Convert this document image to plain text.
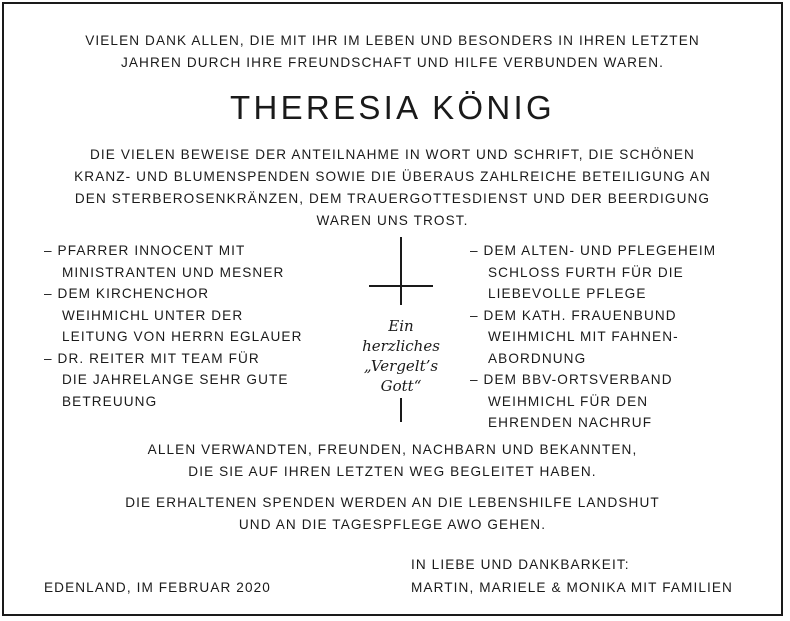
VIELEN DANK ALLEN, DIE MIT IHR IM LEBEN UND BESONDERS IN IHREN LETZTEN
JAHREN DURCH IHRE FREUNDSCHAFT UND HILFE VERBUNDEN WAREN.
THERESIA KÖNIG
DIE VIELEN BEWEISE DER ANTEILNAHME IN WORT UND SCHRIFT, DIE SCHÖNEN
KRANZ- UND BLUMENSPENDEN SOWIE DIE ÜBERAUS ZAHLREICHE BETEILIGUNG AN
DEN STERBEROSENKRÄNZEN, DEM TRAUERGOTTESDIENST UND DER BEERDIGUNG
WAREN UNS TROST.
– PFARRER INNOCENT MIT
MINISTRANTEN UND MESNER
– DEM KIRCHENCHOR
WEIHMICHL UNTER DER
LEITUNG VON HERRN EGLAUER
– DR. REITER MIT TEAM FÜR
DIE JAHRELANGE SEHR GUTE
BETREUUNG
Ein
herzliches
„Vergelt’s
Gott“
– DEM ALTEN- UND PFLEGEHEIM
SCHLOSS FURTH FÜR DIE
LIEBEVOLLE PFLEGE
– DEM KATH. FRAUENBUND
WEIHMICHL MIT FAHNEN-
ABORDNUNG
– DEM BBV-ORTSVERBAND
WEIHMICHL FÜR DEN
EHRENDEN NACHRUF
ALLEN VERWANDTEN, FREUNDEN, NACHBARN UND BEKANNTEN,
DIE SIE AUF IHREN LETZTEN WEG BEGLEITET HABEN.
DIE ERHALTENEN SPENDEN WERDEN AN DIE LEBENSHILFE LANDSHUT
UND AN DIE TAGESPFLEGE AWO GEHEN.
IN LIEBE UND DANKBARKEIT:
EDENLAND, IM FEBRUAR 2020	MARTIN, MARIELE & MONIKA MIT FAMILIEN
